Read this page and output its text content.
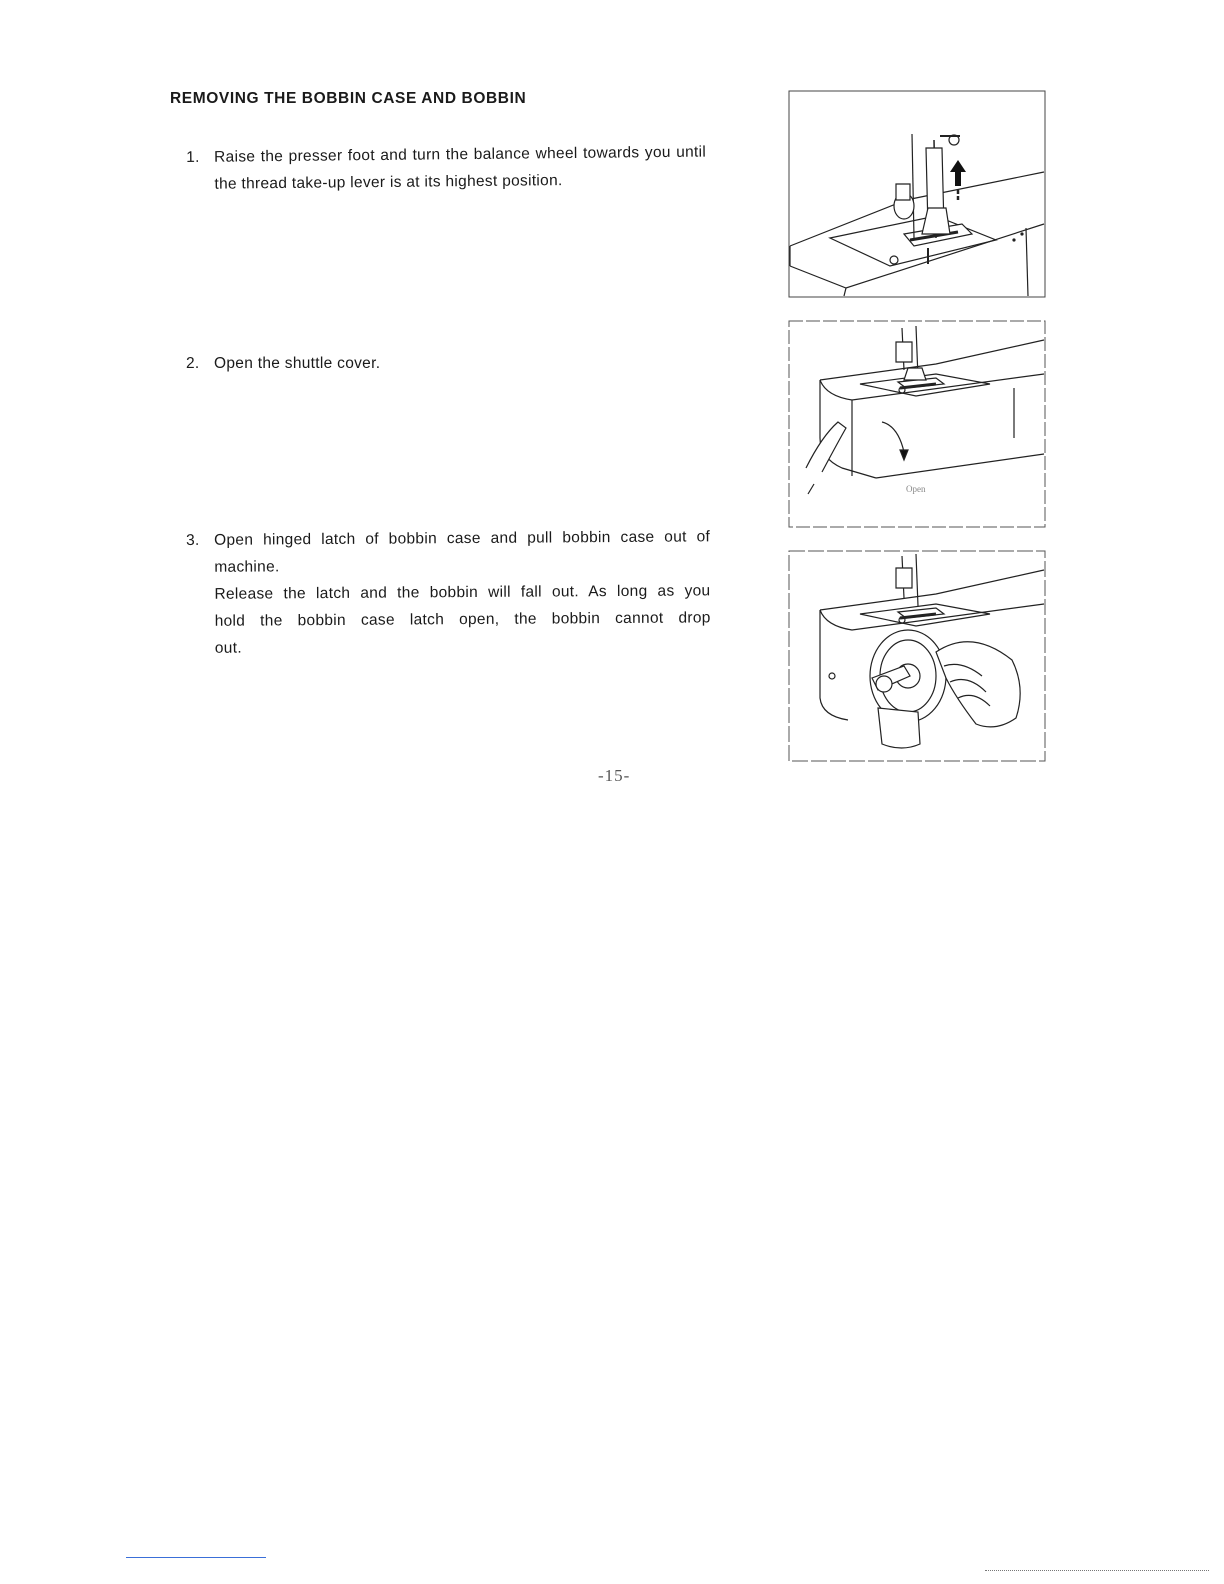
REMOVING THE BOBBIN CASE AND BOBBIN
1. Raise the presser foot and turn the balance wheel towards you until the thread take-up lever is at its highest position.
2. Open the shuttle cover.
3. Open hinged latch of bobbin case and pull bobbin case out of

machine.

Release the latch and the bobbin will fall out. As long as you

hold the bobbin case latch open, the bobbin cannot drop

out.

Open
-15-
